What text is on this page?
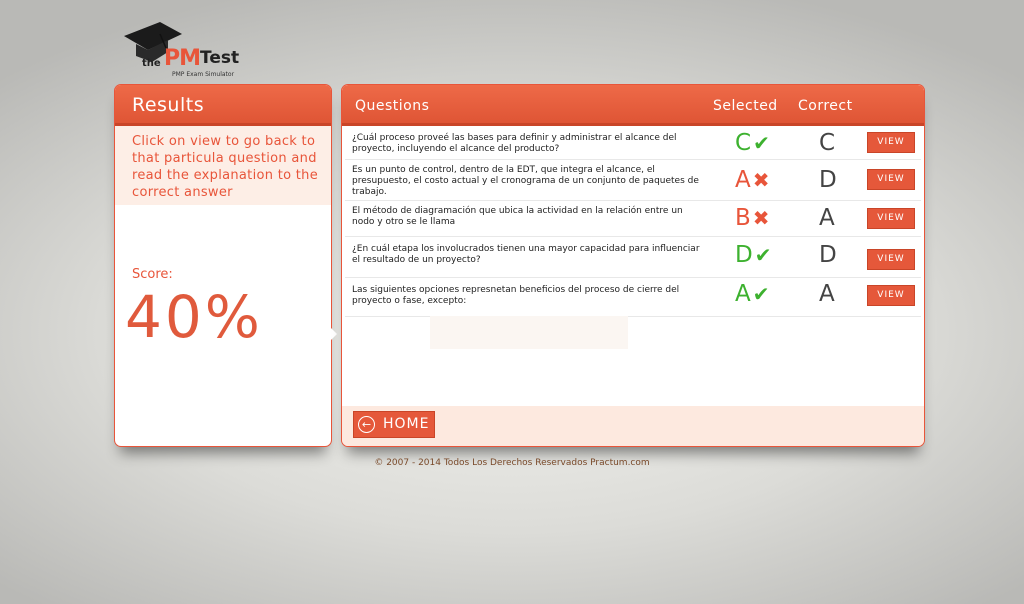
the PM Test
PMP Exam Simulator
Results
Click on view to go back to that particula question and read the explanation to the correct answer
Score:
40%
Questions	Selected Correct
¿Cuál proceso proveé las bases para definir y administrar el alcance del proyecto, incluyendo el alcance del producto?	C ✔ C	VIEW
Es un punto de control, dentro de la EDT, que integra el alcance, el presupuesto, el costo actual y el cronograma de un conjunto de paquetes de trabajo.	A ✖ D	VIEW
El método de diagramación que ubica la actividad en la relación entre un nodo y otro se le llama	B ✖ A	VIEW
¿En cuál etapa los involucrados tienen una mayor capacidad para influenciar el resultado de un proyecto?	D ✔ D	VIEW
Las siguientes opciones represnetan beneficios del proceso de cierre del proyecto o fase, excepto:	A ✔ A	VIEW
← HOME
© 2007 - 2014 Todos Los Derechos Reservados Practum.com
